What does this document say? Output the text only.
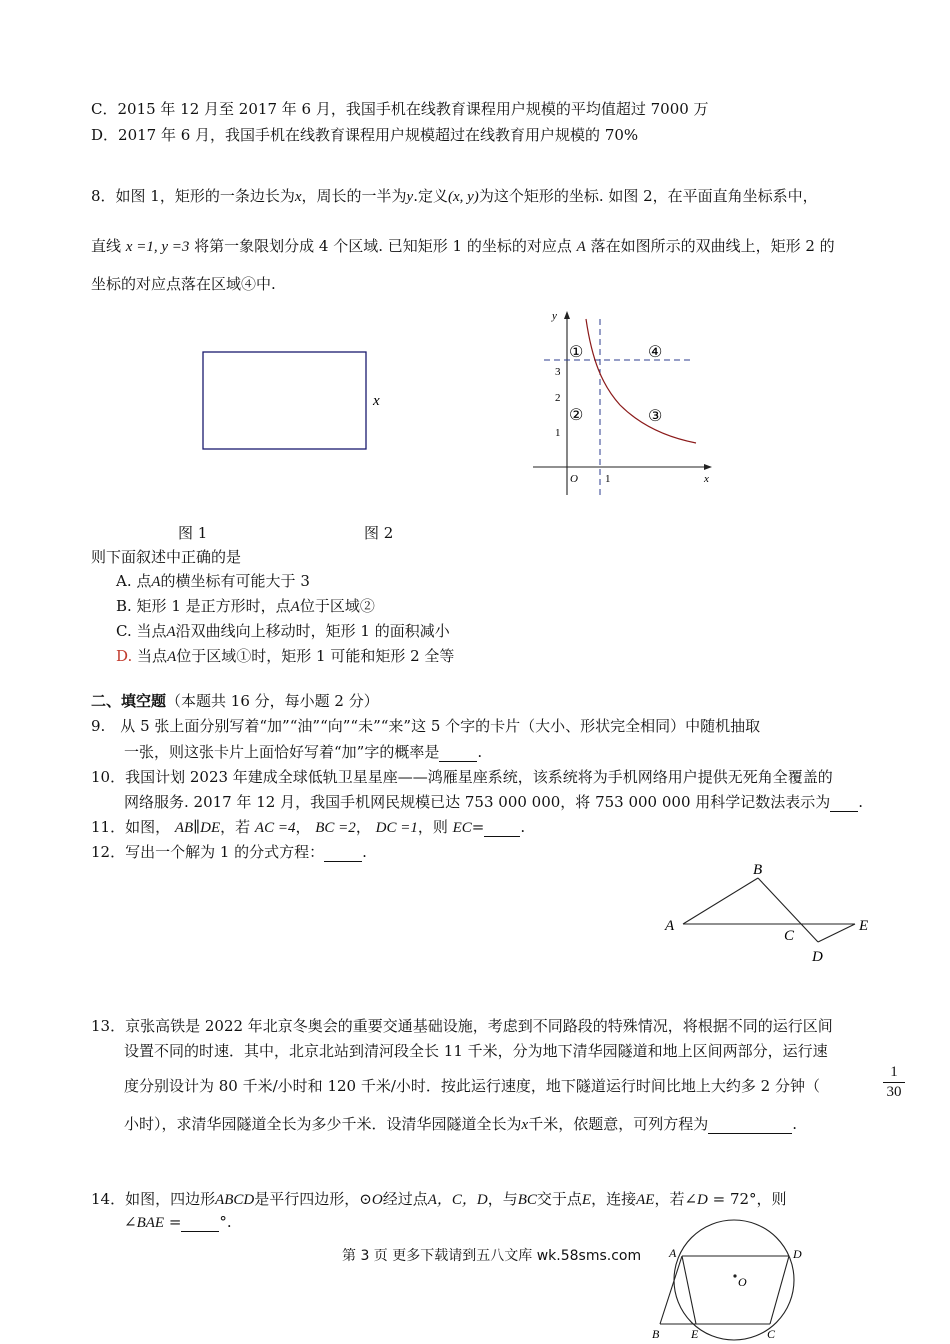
C．2015 年 12 月至 2017 年 6 月，我国手机在线教育课程用户规模的平均值超过 7000 万
D．2017 年 6 月，我国手机在线教育课程用户规模超过在线教育用户规模的 70%
8．如图 1，矩形的一条边长为x，周长的一半为y.定义(x, y)为这个矩形的坐标. 如图 2，在平面直角坐标系中，
直线 x =1, y =3 将第一象限划分成 4 个区域. 已知矩形 1 的坐标的对应点 A 落在如图所示的双曲线上，矩形 2 的
坐标的对应点落在区域④中.
x
y
x
O 1
1
2
3
①
②	③
④
图 1	图 2
则下面叙述中正确的是
A. 点A的横坐标有可能大于 3
B. 矩形 1 是正方形时，点A位于区域②
C. 当点A沿双曲线向上移动时，矩形 1 的面积减小
D. 当点A位于区域①时，矩形 1 可能和矩形 2 全等
二、填空题（本题共 16 分，每小题 2 分）
9.　从 5 张上面分别写着“加”“油”“向”“未”“来”这 5 个字的卡片（大小、形状完全相同）中随机抽取
一张，则这张卡片上面恰好写着“加”字的概率是	.
10．我国计划 2023 年建成全球低轨卫星星座——鸿雁星座系统，该系统将为手机网络用户提供无死角全覆盖的
网络服务. 2017 年 12 月，我国手机网民规模已达 753 000 000，将 753 000 000 用科学记数法表示为 .
11．如图， AB∥DE，若 AC =4， BC =2， DC =1，则 EC= .
12．写出一个解为 1 的分式方程：	.
A
B
C
D
E
13．京张高铁是 2022 年北京冬奥会的重要交通基础设施，考虑到不同路段的特殊情况，将根据不同的运行区间
设置不同的时速．其中，北京北站到清河段全长 11 千米，分为地下清华园隧道和地上区间两部分，运行速
度分别设计为 80 千米/小时和 120 千米/小时．按此运行速度，地下隧道运行时间比地上大约多 2 分钟（	$\frac{1}{30}$
小时），求清华园隧道全长为多少千米．设清华园隧道全长为x千米，依题意，可列方程为	.
14．如图，四边形ABCD是平行四边形，⊙O经过点A，C，D，与BC交于点E，连接AE，若∠D = 72°，则
∠BAE =	°.
第 3 页 更多下载请到五八文库 wk.58sms.com A	D
O
B	E	C
